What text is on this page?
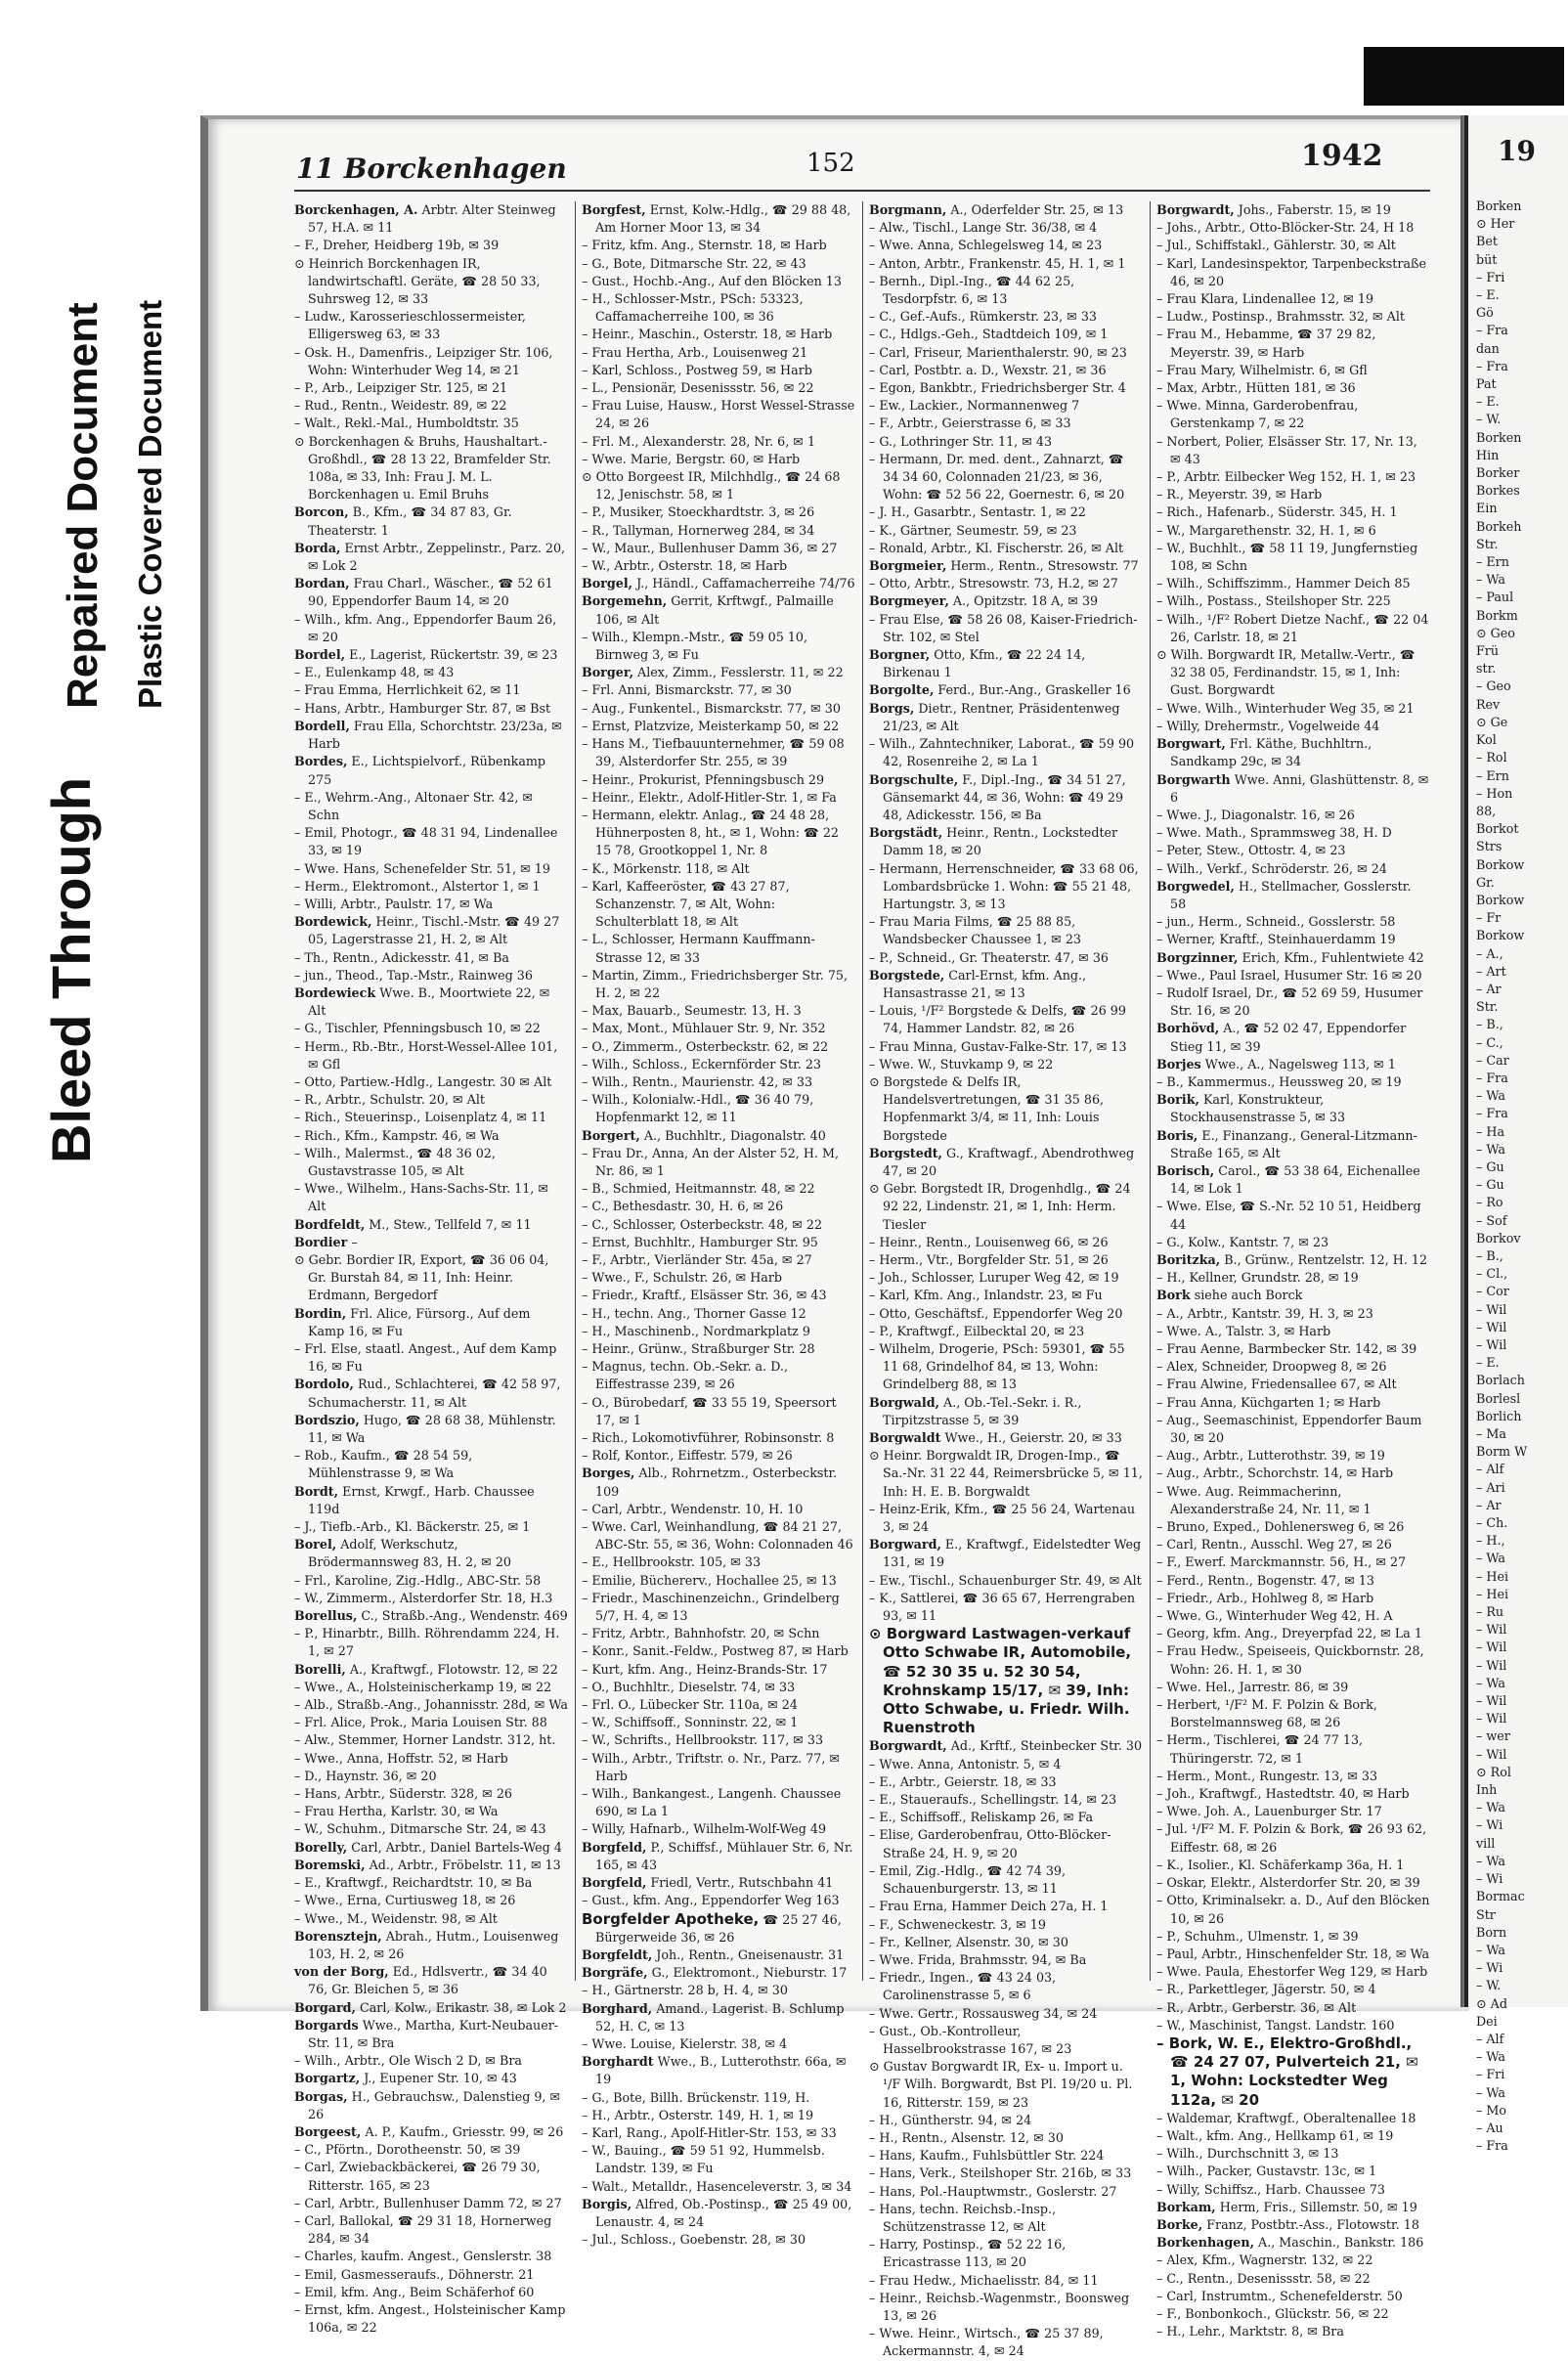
Bleed Through
Repaired Document Plastic Covered Document
11 Borckenhagen	152	1942
Borckenhagen, A. Arbtr. Alter Steinweg 57, H.A. ✉ 11
– F., Dreher, Heidberg 19b, ✉ 39
⊙ Heinrich Borckenhagen IR, landwirtschaftl. Geräte, ☎ 28 50 33, Suhrsweg 12, ✉ 33
– Ludw., Karosserieschlossermeister, Elligersweg 63, ✉ 33
– Osk. H., Damenfris., Leipziger Str. 106, Wohn: Winterhuder Weg 14, ✉ 21
– P., Arb., Leipziger Str. 125, ✉ 21
– Rud., Rentn., Weidestr. 89, ✉ 22
– Walt., Rekl.-Mal., Humboldtstr. 35
⊙ Borckenhagen & Bruhs, Haushaltart.-Großhdl., ☎ 28 13 22, Bramfelder Str. 108a, ✉ 33, Inh: Frau J. M. L. Borckenhagen u. Emil Bruhs
Borcon, B., Kfm., ☎ 34 87 83, Gr. Theaterstr. 1
Borda, Ernst Arbtr., Zeppelinstr., Parz. 20, ✉ Lok 2
Bordan, Frau Charl., Wäscher., ☎ 52 61 90, Eppendorfer Baum 14, ✉ 20
– Wilh., kfm. Ang., Eppendorfer Baum 26, ✉ 20
Bordel, E., Lagerist, Rückertstr. 39, ✉ 23
– E., Eulenkamp 48, ✉ 43
– Frau Emma, Herrlichkeit 62, ✉ 11
– Hans, Arbtr., Hamburger Str. 87, ✉ Bst
Bordell, Frau Ella, Schorchtstr. 23/23a, ✉ Harb
Bordes, E., Lichtspielvorf., Rübenkamp 275
– E., Wehrm.-Ang., Altonaer Str. 42, ✉ Schn
– Emil, Photogr., ☎ 48 31 94, Lindenallee 33, ✉ 19
– Wwe. Hans, Schenefelder Str. 51, ✉ 19
– Herm., Elektromont., Alstertor 1, ✉ 1
– Willi, Arbtr., Paulstr. 17, ✉ Wa
Bordewick, Heinr., Tischl.-Mstr. ☎ 49 27 05, Lagerstrasse 21, H. 2, ✉ Alt
– Th., Rentn., Adickesstr. 41, ✉ Ba
– jun., Theod., Tap.-Mstr., Rainweg 36
Bordewieck Wwe. B., Moortwiete 22, ✉ Alt
– G., Tischler, Pfenningsbusch 10, ✉ 22
– Herm., Rb.-Btr., Horst-Wessel-Allee 101, ✉ Gfl
– Otto, Partiew.-Hdlg., Langestr. 30 ✉ Alt
– R., Arbtr., Schulstr. 20, ✉ Alt
– Rich., Steuerinsp., Loisenplatz 4, ✉ 11
– Rich., Kfm., Kampstr. 46, ✉ Wa
– Wilh., Malermst., ☎ 48 36 02, Gustavstrasse 105, ✉ Alt
– Wwe., Wilhelm., Hans-Sachs-Str. 11, ✉ Alt
Bordfeldt, M., Stew., Tellfeld 7, ✉ 11
Bordier –
⊙ Gebr. Bordier IR, Export, ☎ 36 06 04, Gr. Burstah 84, ✉ 11, Inh: Heinr. Erdmann, Bergedorf
Bordin, Frl. Alice, Fürsorg., Auf dem Kamp 16, ✉ Fu
– Frl. Else, staatl. Angest., Auf dem Kamp 16, ✉ Fu
Bordolo, Rud., Schlachterei, ☎ 42 58 97, Schumacherstr. 11, ✉ Alt
Bordszio, Hugo, ☎ 28 68 38, Mühlenstr. 11, ✉ Wa
– Rob., Kaufm., ☎ 28 54 59, Mühlenstrasse 9, ✉ Wa
Bordt, Ernst, Krwgf., Harb. Chaussee 119d
– J., Tiefb.-Arb., Kl. Bäckerstr. 25, ✉ 1
Borel, Adolf, Werkschutz, Brödermannsweg 83, H. 2, ✉ 20
– Frl., Karoline, Zig.-Hdlg., ABC-Str. 58
– W., Zimmerm., Alsterdorfer Str. 18, H.3
Borellus, C., Straßb.-Ang., Wendenstr. 469
– P., Hinarbtr., Billh. Röhrendamm 224, H. 1, ✉ 27
Borelli, A., Kraftwgf., Flotowstr. 12, ✉ 22
– Wwe., A., Holsteinischerkamp 19, ✉ 22
– Alb., Straßb.-Ang., Johannisstr. 28d, ✉ Wa
– Frl. Alice, Prok., Maria Louisen Str. 88
– Alw., Stemmer, Horner Landstr. 312, ht.
– Wwe., Anna, Hoffstr. 52, ✉ Harb
– D., Haynstr. 36, ✉ 20
– Hans, Arbtr., Süderstr. 328, ✉ 26
– Frau Hertha, Karlstr. 30, ✉ Wa
– W., Schuhm., Ditmarsche Str. 24, ✉ 43
Borelly, Carl, Arbtr., Daniel Bartels-Weg 4
Boremski, Ad., Arbtr., Fröbelstr. 11, ✉ 13
– E., Kraftwgf., Reichardtstr. 10, ✉ Ba
– Wwe., Erna, Curtiusweg 18, ✉ 26
– Wwe., M., Weidenstr. 98, ✉ Alt
Borensztejn, Abrah., Hutm., Louisenweg 103, H. 2, ✉ 26
von der Borg, Ed., Hdlsvertr., ☎ 34 40 76, Gr. Bleichen 5, ✉ 36
Borgard, Carl, Kolw., Erikastr. 38, ✉ Lok 2
Borgards Wwe., Martha, Kurt-Neubauer-Str. 11, ✉ Bra
– Wilh., Arbtr., Ole Wisch 2 D, ✉ Bra
Borgartz, J., Eupener Str. 10, ✉ 43
Borgas, H., Gebrauchsw., Dalenstieg 9, ✉ 26
Borgeest, A. P., Kaufm., Griesstr. 99, ✉ 26
– C., Pförtn., Dorotheenstr. 50, ✉ 39
– Carl, Zwiebackbäckerei, ☎ 26 79 30, Ritterstr. 165, ✉ 23
– Carl, Arbtr., Bullenhuser Damm 72, ✉ 27
– Carl, Ballokal, ☎ 29 31 18, Hornerweg 284, ✉ 34
– Charles, kaufm. Angest., Genslerstr. 38
– Emil, Gasmesseraufs., Döhnerstr. 21
– Emil, kfm. Ang., Beim Schäferhof 60
– Ernst, kfm. Angest., Holsteinischer Kamp 106a, ✉ 22
Borgfest, Ernst, Kolw.-Hdlg., ☎ 29 88 48, Am Horner Moor 13, ✉ 34
– Fritz, kfm. Ang., Sternstr. 18, ✉ Harb
– G., Bote, Ditmarsche Str. 22, ✉ 43
– Gust., Hochb.-Ang., Auf den Blöcken 13
– H., Schlosser-Mstr., PSch: 53323, Caffamacherreihe 100, ✉ 36
– Heinr., Maschin., Osterstr. 18, ✉ Harb
– Frau Hertha, Arb., Louisenweg 21
– Karl, Schloss., Postweg 59, ✉ Harb
– L., Pensionär, Desenissstr. 56, ✉ 22
– Frau Luise, Hausw., Horst Wessel-Strasse 24, ✉ 26
– Frl. M., Alexanderstr. 28, Nr. 6, ✉ 1
– Wwe. Marie, Bergstr. 60, ✉ Harb
⊙ Otto Borgeest IR, Milchhdlg., ☎ 24 68 12, Jenischstr. 58, ✉ 1
– P., Musiker, Stoeckhardtstr. 3, ✉ 26
– R., Tallyman, Hornerweg 284, ✉ 34
– W., Maur., Bullenhuser Damm 36, ✉ 27
– W., Arbtr., Osterstr. 18, ✉ Harb
Borgel, J., Händl., Caffamacherreihe 74/76
Borgemehn, Gerrit, Krftwgf., Palmaille 106, ✉ Alt
– Wilh., Klempn.-Mstr., ☎ 59 05 10, Birnweg 3, ✉ Fu
Borger, Alex, Zimm., Fesslerstr. 11, ✉ 22
– Frl. Anni, Bismarckstr. 77, ✉ 30
– Aug., Funkentel., Bismarckstr. 77, ✉ 30
– Ernst, Platzvize, Meisterkamp 50, ✉ 22
– Hans M., Tiefbauunternehmer, ☎ 59 08 39, Alsterdorfer Str. 255, ✉ 39
– Heinr., Prokurist, Pfenningsbusch 29
– Heinr., Elektr., Adolf-Hitler-Str. 1, ✉ Fa
– Hermann, elektr. Anlag., ☎ 24 48 28, Hühnerposten 8, ht., ✉ 1, Wohn: ☎ 22 15 78, Grootkoppel 1, Nr. 8
– K., Mörkenstr. 118, ✉ Alt
– Karl, Kaffeeröster, ☎ 43 27 87, Schanzenstr. 7, ✉ Alt, Wohn: Schulterblatt 18, ✉ Alt
– L., Schlosser, Hermann Kauffmann-Strasse 12, ✉ 33
– Martin, Zimm., Friedrichsberger Str. 75, H. 2, ✉ 22
– Max, Bauarb., Seumestr. 13, H. 3
– Max, Mont., Mühlauer Str. 9, Nr. 352
– O., Zimmerm., Osterbeckstr. 62, ✉ 22
– Wilh., Schloss., Eckernförder Str. 23
– Wilh., Rentn., Maurienstr. 42, ✉ 33
– Wilh., Kolonialw.-Hdl., ☎ 36 40 79, Hopfenmarkt 12, ✉ 11
Borgert, A., Buchhltr., Diagonalstr. 40
– Frau Dr., Anna, An der Alster 52, H. M, Nr. 86, ✉ 1
– B., Schmied, Heitmannstr. 48, ✉ 22
– C., Bethesdastr. 30, H. 6, ✉ 26
– C., Schlosser, Osterbeckstr. 48, ✉ 22
– Ernst, Buchhltr., Hamburger Str. 95
– F., Arbtr., Vierländer Str. 45a, ✉ 27
– Wwe., F., Schulstr. 26, ✉ Harb
– Friedr., Kraftf., Elsässer Str. 36, ✉ 43
– H., techn. Ang., Thorner Gasse 12
– H., Maschinenb., Nordmarkplatz 9
– Heinr., Grünw., Straßburger Str. 28
– Magnus, techn. Ob.-Sekr. a. D., Eiffestrasse 239, ✉ 26
– O., Bürobedarf, ☎ 33 55 19, Speersort 17, ✉ 1
– Rich., Lokomotivführer, Robinsonstr. 8
– Rolf, Kontor., Eiffestr. 579, ✉ 26
Borges, Alb., Rohrnetzm., Osterbeckstr. 109
– Carl, Arbtr., Wendenstr. 10, H. 10
– Wwe. Carl, Weinhandlung, ☎ 84 21 27, ABC-Str. 55, ✉ 36, Wohn: Colonnaden 46
– E., Hellbrookstr. 105, ✉ 33
– Emilie, Büchererv., Hochallee 25, ✉ 13
– Friedr., Maschinenzeichn., Grindelberg 5/7, H. 4, ✉ 13
– Fritz, Arbtr., Bahnhofstr. 20, ✉ Schn
– Konr., Sanit.-Feldw., Postweg 87, ✉ Harb
– Kurt, kfm. Ang., Heinz-Brands-Str. 17
– O., Buchhltr., Dieselstr. 74, ✉ 33
– Frl. O., Lübecker Str. 110a, ✉ 24
– W., Schiffsoff., Sonninstr. 22, ✉ 1
– W., Schrifts., Hellbrookstr. 117, ✉ 33
– Wilh., Arbtr., Triftstr. o. Nr., Parz. 77, ✉ Harb
– Wilh., Bankangest., Langenh. Chaussee 690, ✉ La 1
– Willy, Hafnarb., Wilhelm-Wolf-Weg 49
Borgfeld, P., Schiffsf., Mühlauer Str. 6, Nr. 165, ✉ 43
Borgfeld, Friedl, Vertr., Rutschbahn 41
– Gust., kfm. Ang., Eppendorfer Weg 163
Borgfelder Apotheke, ☎ 25 27 46, Bürgerweide 36, ✉ 26
Borgfeldt, Joh., Rentn., Gneisenaustr. 31
Borgräfe, G., Elektromont., Nieburstr. 17
– H., Gärtnerstr. 28 b, H. 4, ✉ 30
Borghard, Amand., Lagerist. B. Schlump 52, H. C, ✉ 13
– Wwe. Louise, Kielerstr. 38, ✉ 4
Borghardt Wwe., B., Lutterothstr. 66a, ✉ 19
– G., Bote, Billh. Brückenstr. 119, H.
– H., Arbtr., Osterstr. 149, H. 1, ✉ 19
– Karl, Rang., Apolf-Hitler-Str. 153, ✉ 33
– W., Bauing., ☎ 59 51 92, Hummelsb. Landstr. 139, ✉ Fu
– Walt., Metalldr., Hasenceleverstr. 3, ✉ 34
Borgis, Alfred, Ob.-Postinsp., ☎ 25 49 00, Lenaustr. 4, ✉ 24
– Jul., Schloss., Goebenstr. 28, ✉ 30
Borgmann, A., Oderfelder Str. 25, ✉ 13
– Alw., Tischl., Lange Str. 36/38, ✉ 4
– Wwe. Anna, Schlegelsweg 14, ✉ 23
– Anton, Arbtr., Frankenstr. 45, H. 1, ✉ 1
– Bernh., Dipl.-Ing., ☎ 44 62 25, Tesdorpfstr. 6, ✉ 13
– C., Gef.-Aufs., Rümkerstr. 23, ✉ 33
– C., Hdlgs.-Geh., Stadtdeich 109, ✉ 1
– Carl, Friseur, Marienthalerstr. 90, ✉ 23
– Carl, Postbtr. a. D., Wexstr. 21, ✉ 36
– Egon, Bankbtr., Friedrichsberger Str. 4
– Ew., Lackier., Normannenweg 7
– F., Arbtr., Geierstrasse 6, ✉ 33
– G., Lothringer Str. 11, ✉ 43
– Hermann, Dr. med. dent., Zahnarzt, ☎ 34 34 60, Colonnaden 21/23, ✉ 36, Wohn: ☎ 52 56 22, Goernestr. 6, ✉ 20
– J. H., Gasarbtr., Sentastr. 1, ✉ 22
– K., Gärtner, Seumestr. 59, ✉ 23
– Ronald, Arbtr., Kl. Fischerstr. 26, ✉ Alt
Borgmeier, Herm., Rentn., Stresowstr. 77
– Otto, Arbtr., Stresowstr. 73, H.2, ✉ 27
Borgmeyer, A., Opitzstr. 18 A, ✉ 39
– Frau Else, ☎ 58 26 08, Kaiser-Friedrich-Str. 102, ✉ Stel
Borgner, Otto, Kfm., ☎ 22 24 14, Birkenau 1
Borgolte, Ferd., Bur.-Ang., Graskeller 16
Borgs, Dietr., Rentner, Präsidentenweg 21/23, ✉ Alt
– Wilh., Zahntechniker, Laborat., ☎ 59 90 42, Rosenreihe 2, ✉ La 1
Borgschulte, F., Dipl.-Ing., ☎ 34 51 27, Gänsemarkt 44, ✉ 36, Wohn: ☎ 49 29 48, Adickesstr. 156, ✉ Ba
Borgstädt, Heinr., Rentn., Lockstedter Damm 18, ✉ 20
– Hermann, Herrenschneider, ☎ 33 68 06, Lombardsbrücke 1. Wohn: ☎ 55 21 48, Hartungstr. 3, ✉ 13
– Frau Maria Films, ☎ 25 88 85, Wandsbecker Chaussee 1, ✉ 23
– P., Schneid., Gr. Theaterstr. 47, ✉ 36
Borgstede, Carl-Ernst, kfm. Ang., Hansastrasse 21, ✉ 13
– Louis, ¹/F² Borgstede & Delfs, ☎ 26 99 74, Hammer Landstr. 82, ✉ 26
– Frau Minna, Gustav-Falke-Str. 17, ✉ 13
– Wwe. W., Stuvkamp 9, ✉ 22
⊙ Borgstede & Delfs IR, Handelsvertretungen, ☎ 31 35 86, Hopfenmarkt 3/4, ✉ 11, Inh: Louis Borgstede
Borgstedt, G., Kraftwagf., Abendrothweg 47, ✉ 20
⊙ Gebr. Borgstedt IR, Drogenhdlg., ☎ 24 92 22, Lindenstr. 21, ✉ 1, Inh: Herm. Tiesler
– Heinr., Rentn., Louisenweg 66, ✉ 26
– Herm., Vtr., Borgfelder Str. 51, ✉ 26
– Joh., Schlosser, Luruper Weg 42, ✉ 19
– Karl, Kfm. Ang., Inlandstr. 23, ✉ Fu
– Otto, Geschäftsf., Eppendorfer Weg 20
– P., Kraftwgf., Eilbecktal 20, ✉ 23
– Wilhelm, Drogerie, PSch: 59301, ☎ 55 11 68, Grindelhof 84, ✉ 13, Wohn: Grindelberg 88, ✉ 13
Borgwald, A., Ob.-Tel.-Sekr. i. R., Tirpitzstrasse 5, ✉ 39
Borgwaldt Wwe., H., Geierstr. 20, ✉ 33
⊙ Heinr. Borgwaldt IR, Drogen-Imp., ☎ Sa.-Nr. 31 22 44, Reimersbrücke 5, ✉ 11, Inh: H. E. B. Borgwaldt
– Heinz-Erik, Kfm., ☎ 25 56 24, Wartenau 3, ✉ 24
Borgward, E., Kraftwgf., Eidelstedter Weg 131, ✉ 19
– Ew., Tischl., Schauenburger Str. 49, ✉ Alt
– K., Sattlerei, ☎ 36 65 67, Herrengraben 93, ✉ 11
⊙ Borgward Lastwagen-verkauf Otto Schwabe IR, Automobile, ☎ 52 30 35 u. 52 30 54, Krohnskamp 15/17, ✉ 39, Inh: Otto Schwabe, u. Friedr. Wilh. Ruenstroth
Borgwardt, Ad., Krftf., Steinbecker Str. 30
– Wwe. Anna, Antonistr. 5, ✉ 4
– E., Arbtr., Geierstr. 18, ✉ 33
– E., Staueraufs., Schellingstr. 14, ✉ 23
– E., Schiffsoff., Reliskamp 26, ✉ Fa
– Elise, Garderobenfrau, Otto-Blöcker-Straße 24, H. 9, ✉ 20
– Emil, Zig.-Hdlg., ☎ 42 74 39, Schauenburgerstr. 13, ✉ 11
– Frau Erna, Hammer Deich 27a, H. 1
– F., Schweneckestr. 3, ✉ 19
– Fr., Kellner, Alsenstr. 30, ✉ 30
– Wwe. Frida, Brahmsstr. 94, ✉ Ba
– Friedr., Ingen., ☎ 43 24 03, Carolinenstrasse 5, ✉ 6
– Wwe. Gertr., Rossausweg 34, ✉ 24
– Gust., Ob.-Kontrolleur, Hasselbrookstrasse 167, ✉ 23
⊙ Gustav Borgwardt IR, Ex- u. Import u. ¹/F Wilh. Borgwardt, Bst Pl. 19/20 u. Pl. 16, Ritterstr. 159, ✉ 23
– H., Güntherstr. 94, ✉ 24
– H., Rentn., Alsenstr. 12, ✉ 30
– Hans, Kaufm., Fuhlsbüttler Str. 224
– Hans, Verk., Steilshoper Str. 216b, ✉ 33
– Hans, Pol.-Hauptwmstr., Goslerstr. 27
– Hans, techn. Reichsb.-Insp., Schützenstrasse 12, ✉ Alt
– Harry, Postinsp., ☎ 52 22 16, Ericastrasse 113, ✉ 20
– Frau Hedw., Michaelisstr. 84, ✉ 11
– Heinr., Reichsb.-Wagenmstr., Boonsweg 13, ✉ 26
– Wwe. Heinr., Wirtsch., ☎ 25 37 89, Ackermannstr. 4, ✉ 24
Borgwardt, Johs., Faberstr. 15, ✉ 19
– Johs., Arbtr., Otto-Blöcker-Str. 24, H 18
– Jul., Schiffstakl., Gählerstr. 30, ✉ Alt
– Karl, Landesinspektor, Tarpenbeckstraße 46, ✉ 20
– Frau Klara, Lindenallee 12, ✉ 19
– Ludw., Postinsp., Brahmsstr. 32, ✉ Alt
– Frau M., Hebamme, ☎ 37 29 82, Meyerstr. 39, ✉ Harb
– Frau Mary, Wilhelmistr. 6, ✉ Gfl
– Max, Arbtr., Hütten 181, ✉ 36
– Wwe. Minna, Garderobenfrau, Gerstenkamp 7, ✉ 22
– Norbert, Polier, Elsässer Str. 17, Nr. 13, ✉ 43
– P., Arbtr. Eilbecker Weg 152, H. 1, ✉ 23
– R., Meyerstr. 39, ✉ Harb
– Rich., Hafenarb., Süderstr. 345, H. 1
– W., Margarethenstr. 32, H. 1, ✉ 6
– W., Buchhlt., ☎ 58 11 19, Jungfernstieg 108, ✉ Schn
– Wilh., Schiffszimm., Hammer Deich 85
– Wilh., Postass., Steilshoper Str. 225
– Wilh., ¹/F² Robert Dietze Nachf., ☎ 22 04 26, Carlstr. 18, ✉ 21
⊙ Wilh. Borgwardt IR, Metallw.-Vertr., ☎ 32 38 05, Ferdinandstr. 15, ✉ 1, Inh: Gust. Borgwardt
– Wwe. Wilh., Winterhuder Weg 35, ✉ 21
– Willy, Drehermstr., Vogelweide 44
Borgwart, Frl. Käthe, Buchhltrn., Sandkamp 29c, ✉ 34
Borgwarth Wwe. Anni, Glashüttenstr. 8, ✉ 6
– Wwe. J., Diagonalstr. 16, ✉ 26
– Wwe. Math., Sprammsweg 38, H. D
– Peter, Stew., Ottostr. 4, ✉ 23
– Wilh., Verkf., Schröderstr. 26, ✉ 24
Borgwedel, H., Stellmacher, Gosslerstr. 58
– jun., Herm., Schneid., Gosslerstr. 58
– Werner, Kraftf., Steinhauerdamm 19
Borgzinner, Erich, Kfm., Fuhlentwiete 42
– Wwe., Paul Israel, Husumer Str. 16 ✉ 20
– Rudolf Israel, Dr., ☎ 52 69 59, Husumer Str. 16, ✉ 20
Borhövd, A., ☎ 52 02 47, Eppendorfer Stieg 11, ✉ 39
Borjes Wwe., A., Nagelsweg 113, ✉ 1
– B., Kammermus., Heussweg 20, ✉ 19
Borik, Karl, Konstrukteur, Stockhausenstrasse 5, ✉ 33
Boris, E., Finanzang., General-Litzmann-Straße 165, ✉ Alt
Borisch, Carol., ☎ 53 38 64, Eichenallee 14, ✉ Lok 1
– Wwe. Else, ☎ S.-Nr. 52 10 51, Heidberg 44
– G., Kolw., Kantstr. 7, ✉ 23
Boritzka, B., Grünw., Rentzelstr. 12, H. 12
– H., Kellner, Grundstr. 28, ✉ 19
Bork siehe auch Borck
– A., Arbtr., Kantstr. 39, H. 3, ✉ 23
– Wwe. A., Talstr. 3, ✉ Harb
– Frau Aenne, Barmbecker Str. 142, ✉ 39
– Alex, Schneider, Droopweg 8, ✉ 26
– Frau Alwine, Friedensallee 67, ✉ Alt
– Frau Anna, Küchgarten 1; ✉ Harb
– Aug., Seemaschinist, Eppendorfer Baum 30, ✉ 20
– Aug., Arbtr., Lutterothstr. 39, ✉ 19
– Aug., Arbtr., Schorchstr. 14, ✉ Harb
– Wwe. Aug. Reimmacherinn, Alexanderstraße 24, Nr. 11, ✉ 1
– Bruno, Exped., Dohlenersweg 6, ✉ 26
– Carl, Rentn., Ausschl. Weg 27, ✉ 26
– F., Ewerf. Marckmannstr. 56, H., ✉ 27
– Ferd., Rentn., Bogenstr. 47, ✉ 13
– Friedr., Arb., Hohlweg 8, ✉ Harb
– Wwe. G., Winterhuder Weg 42, H. A
– Georg, kfm. Ang., Dreyerpfad 22, ✉ La 1
– Frau Hedw., Speiseeis, Quickbornstr. 28, Wohn: 26. H. 1, ✉ 30
– Wwe. Hel., Jarrestr. 86, ✉ 39
– Herbert, ¹/F² M. F. Polzin & Bork, Borstelmannsweg 68, ✉ 26
– Herm., Tischlerei, ☎ 24 77 13, Thüringerstr. 72, ✉ 1
– Herm., Mont., Rungestr. 13, ✉ 33
– Joh., Kraftwgf., Hastedtstr. 40, ✉ Harb
– Wwe. Joh. A., Lauenburger Str. 17
– Jul. ¹/F² M. F. Polzin & Bork, ☎ 26 93 62, Eiffestr. 68, ✉ 26
– K., Isolier., Kl. Schäferkamp 36a, H. 1
– Oskar, Elektr., Alsterdorfer Str. 20, ✉ 39
– Otto, Kriminalsekr. a. D., Auf den Blöcken 10, ✉ 26
– P., Schuhm., Ulmenstr. 1, ✉ 39
– Paul, Arbtr., Hinschenfelder Str. 18, ✉ Wa
– Wwe. Paula, Ehestorfer Weg 129, ✉ Harb
– R., Parkettleger, Jägerstr. 50, ✉ 4
– R., Arbtr., Gerberstr. 36, ✉ Alt
– W., Maschinist, Tangst. Landstr. 160
– Bork, W. E., Elektro-Großhdl., ☎ 24 27 07, Pulverteich 21, ✉ 1, Wohn: Lockstedter Weg 112a, ✉ 20
– Waldemar, Kraftwgf., Oberaltenallee 18
– Walt., kfm. Ang., Hellkamp 61, ✉ 19
– Wilh., Durchschnitt 3, ✉ 13
– Wilh., Packer, Gustavstr. 13c, ✉ 1
– Willy, Schiffsz., Harb. Chaussee 73
Borkam, Herm, Fris., Sillemstr. 50, ✉ 19
Borke, Franz, Postbtr.-Ass., Flotowstr. 18
Borkenhagen, A., Maschin., Bankstr. 186
– Alex, Kfm., Wagnerstr. 132, ✉ 22
– C., Rentn., Desenissstr. 58, ✉ 22
– Carl, Instrumtm., Schenefelderstr. 50
– F., Bonbonkoch., Glückstr. 56, ✉ 22
– H., Lehr., Marktstr. 8, ✉ Bra
19
Borken
⊙ Her
Bet
büt
– Fri
– E.
Gö
– Fra
dan
– Fra
Pat
– E.
– W.
Borken
Hin
Borker
Borkes
Ein
Borkeh
Str.
– Ern
– Wa
– Paul
Borkm
⊙ Geo
Frü
str.
– Geo
Rev
⊙ Ge
Kol
– Rol
– Ern
– Hon
88,
Borkot
Strs
Borkow
Gr.
Borkow
– Fr
Borkow
– A.,
– Art
– Ar
Str.
– B.,
– C.,
– Car
– Fra
– Wa
– Fra
– Ha
– Wa
– Gu
– Gu
– Ro
– Sof
Borkov
– B.,
– Cl.,
– Cor
– Wil
– Wil
– Wil
– E.
Borlach
Borlesl
Borlich
– Ma
Borm W
– Alf
– Ari
– Ar
– Ch.
– H.,
– Wa
– Hei
– Hei
– Ru
– Wil
– Wil
– Wil
– Wa
– Wil
– Wil
– wer
– Wil
⊙ Rol
Inh
– Wa
– Wi
vill
– Wa
– Wi
Bormac
Str
Born
– Wa
– Wi
– W.
⊙ Ad
Dei
– Alf
– Wa
– Fri
– Wa
– Mo
– Au
– Fra
